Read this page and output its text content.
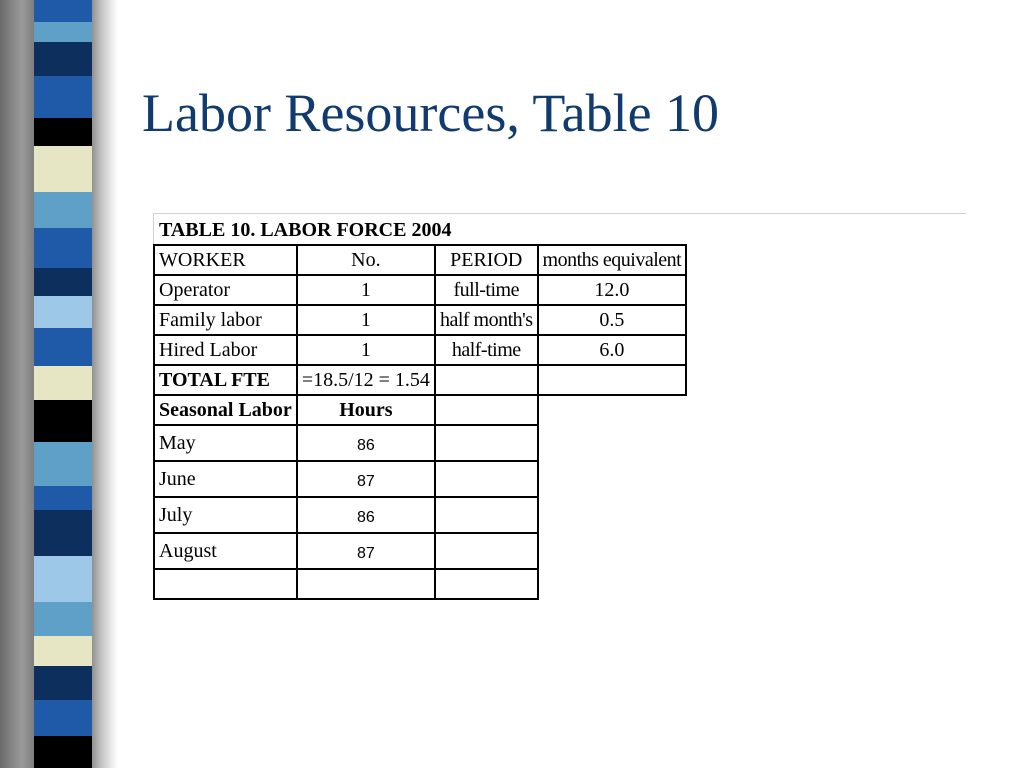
Labor Resources, Table 10
TABLE 10. LABOR FORCE 2004
WORKER	No.	PERIOD	months equivalent
Operator	1	full-time	12.0
Family labor	1	half month's	0.5
Hired Labor	1	half-time	6.0
TOTAL FTE	=18.5/12 = 1.54		
Seasonal Labor	Hours		
May	86		
June	87		
July	86		
August	87		
